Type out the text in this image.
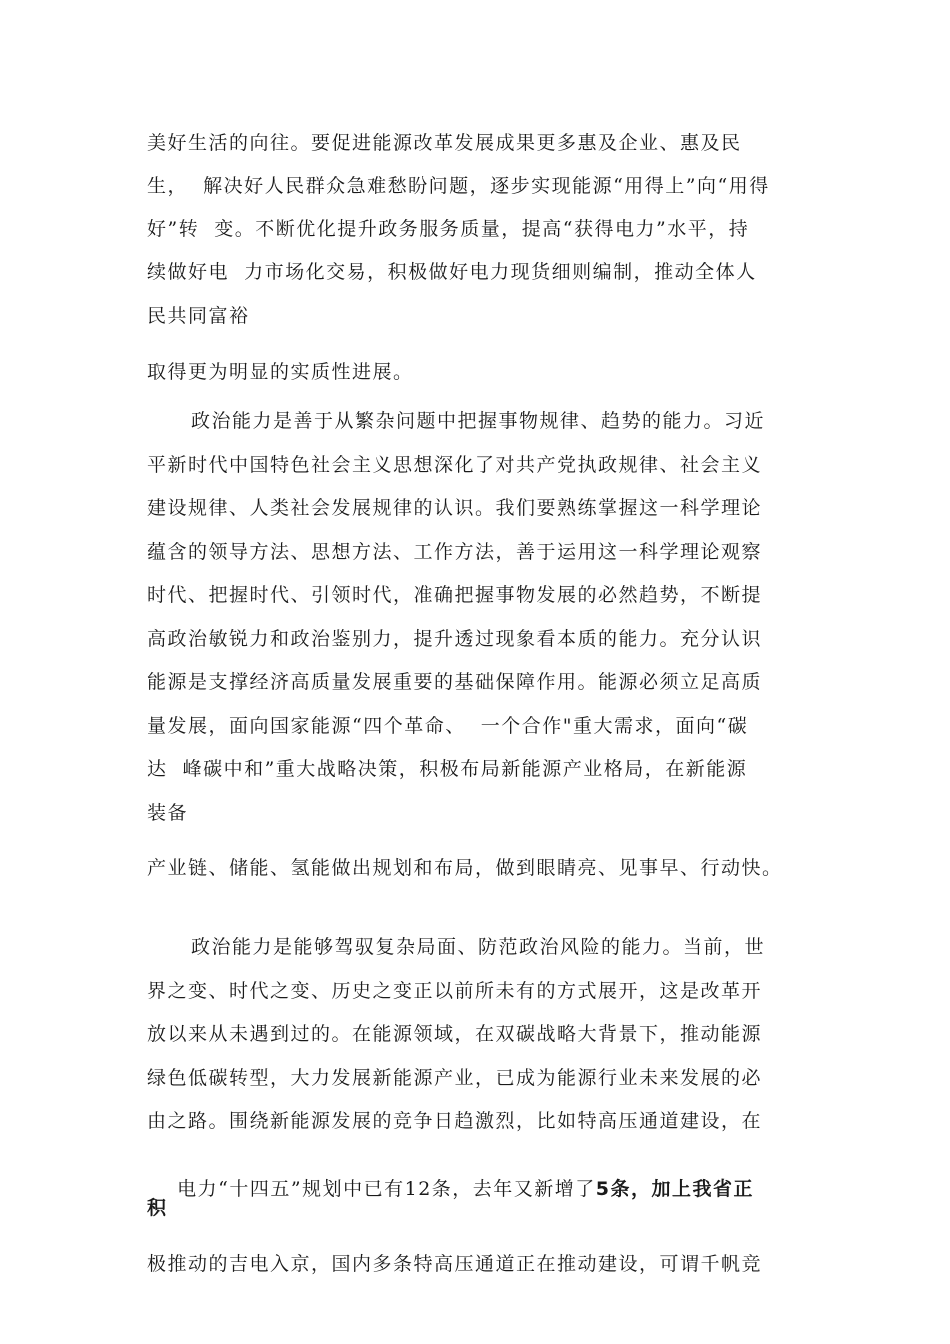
美好生活的向往。要促进能源改革发展成果更多惠及企业、惠及民
生，  解决好人民群众急难愁盼问题，逐步实现能源“用得上”向“用得
好”转  变。不断优化提升政务服务质量，提高“获得电力”水平，持
续做好电  力市场化交易，积极做好电力现货细则编制，推动全体人
民共同富裕
取得更为明显的实质性进展。
政治能力是善于从繁杂问题中把握事物规律、趋势的能力。习近
平新时代中国特色社会主义思想深化了对共产党执政规律、社会主义
建设规律、人类社会发展规律的认识。我们要熟练掌握这一科学理论
蕴含的领导方法、思想方法、工作方法，善于运用这一科学理论观察
时代、把握时代、引领时代，准确把握事物发展的必然趋势，不断提
高政治敏锐力和政治鉴别力，提升透过现象看本质的能力。充分认识
能源是支撑经济高质量发展重要的基础保障作用。能源必须立足高质
量发展，面向国家能源“四个革命、  一个合作"重大需求，面向“碳
达  峰碳中和”重大战略决策，积极布局新能源产业格局，在新能源
装备
产业链、储能、氢能做出规划和布局，做到眼睛亮、见事早、行动快。
政治能力是能够驾驭复杂局面、防范政治风险的能力。当前，世
界之变、时代之变、历史之变正以前所未有的方式展开，这是改革开
放以来从未遇到过的。在能源领域，在双碳战略大背景下，推动能源
绿色低碳转型，大力发展新能源产业，已成为能源行业未来发展的必
由之路。围绕新能源发展的竞争日趋激烈，比如特高压通道建设，在

电力“十四五”规划中已有12条，去年又新增了5条，加上我省正

积
极推动的吉电入京，国内多条特高压通道正在推动建设，可谓千帆竞
